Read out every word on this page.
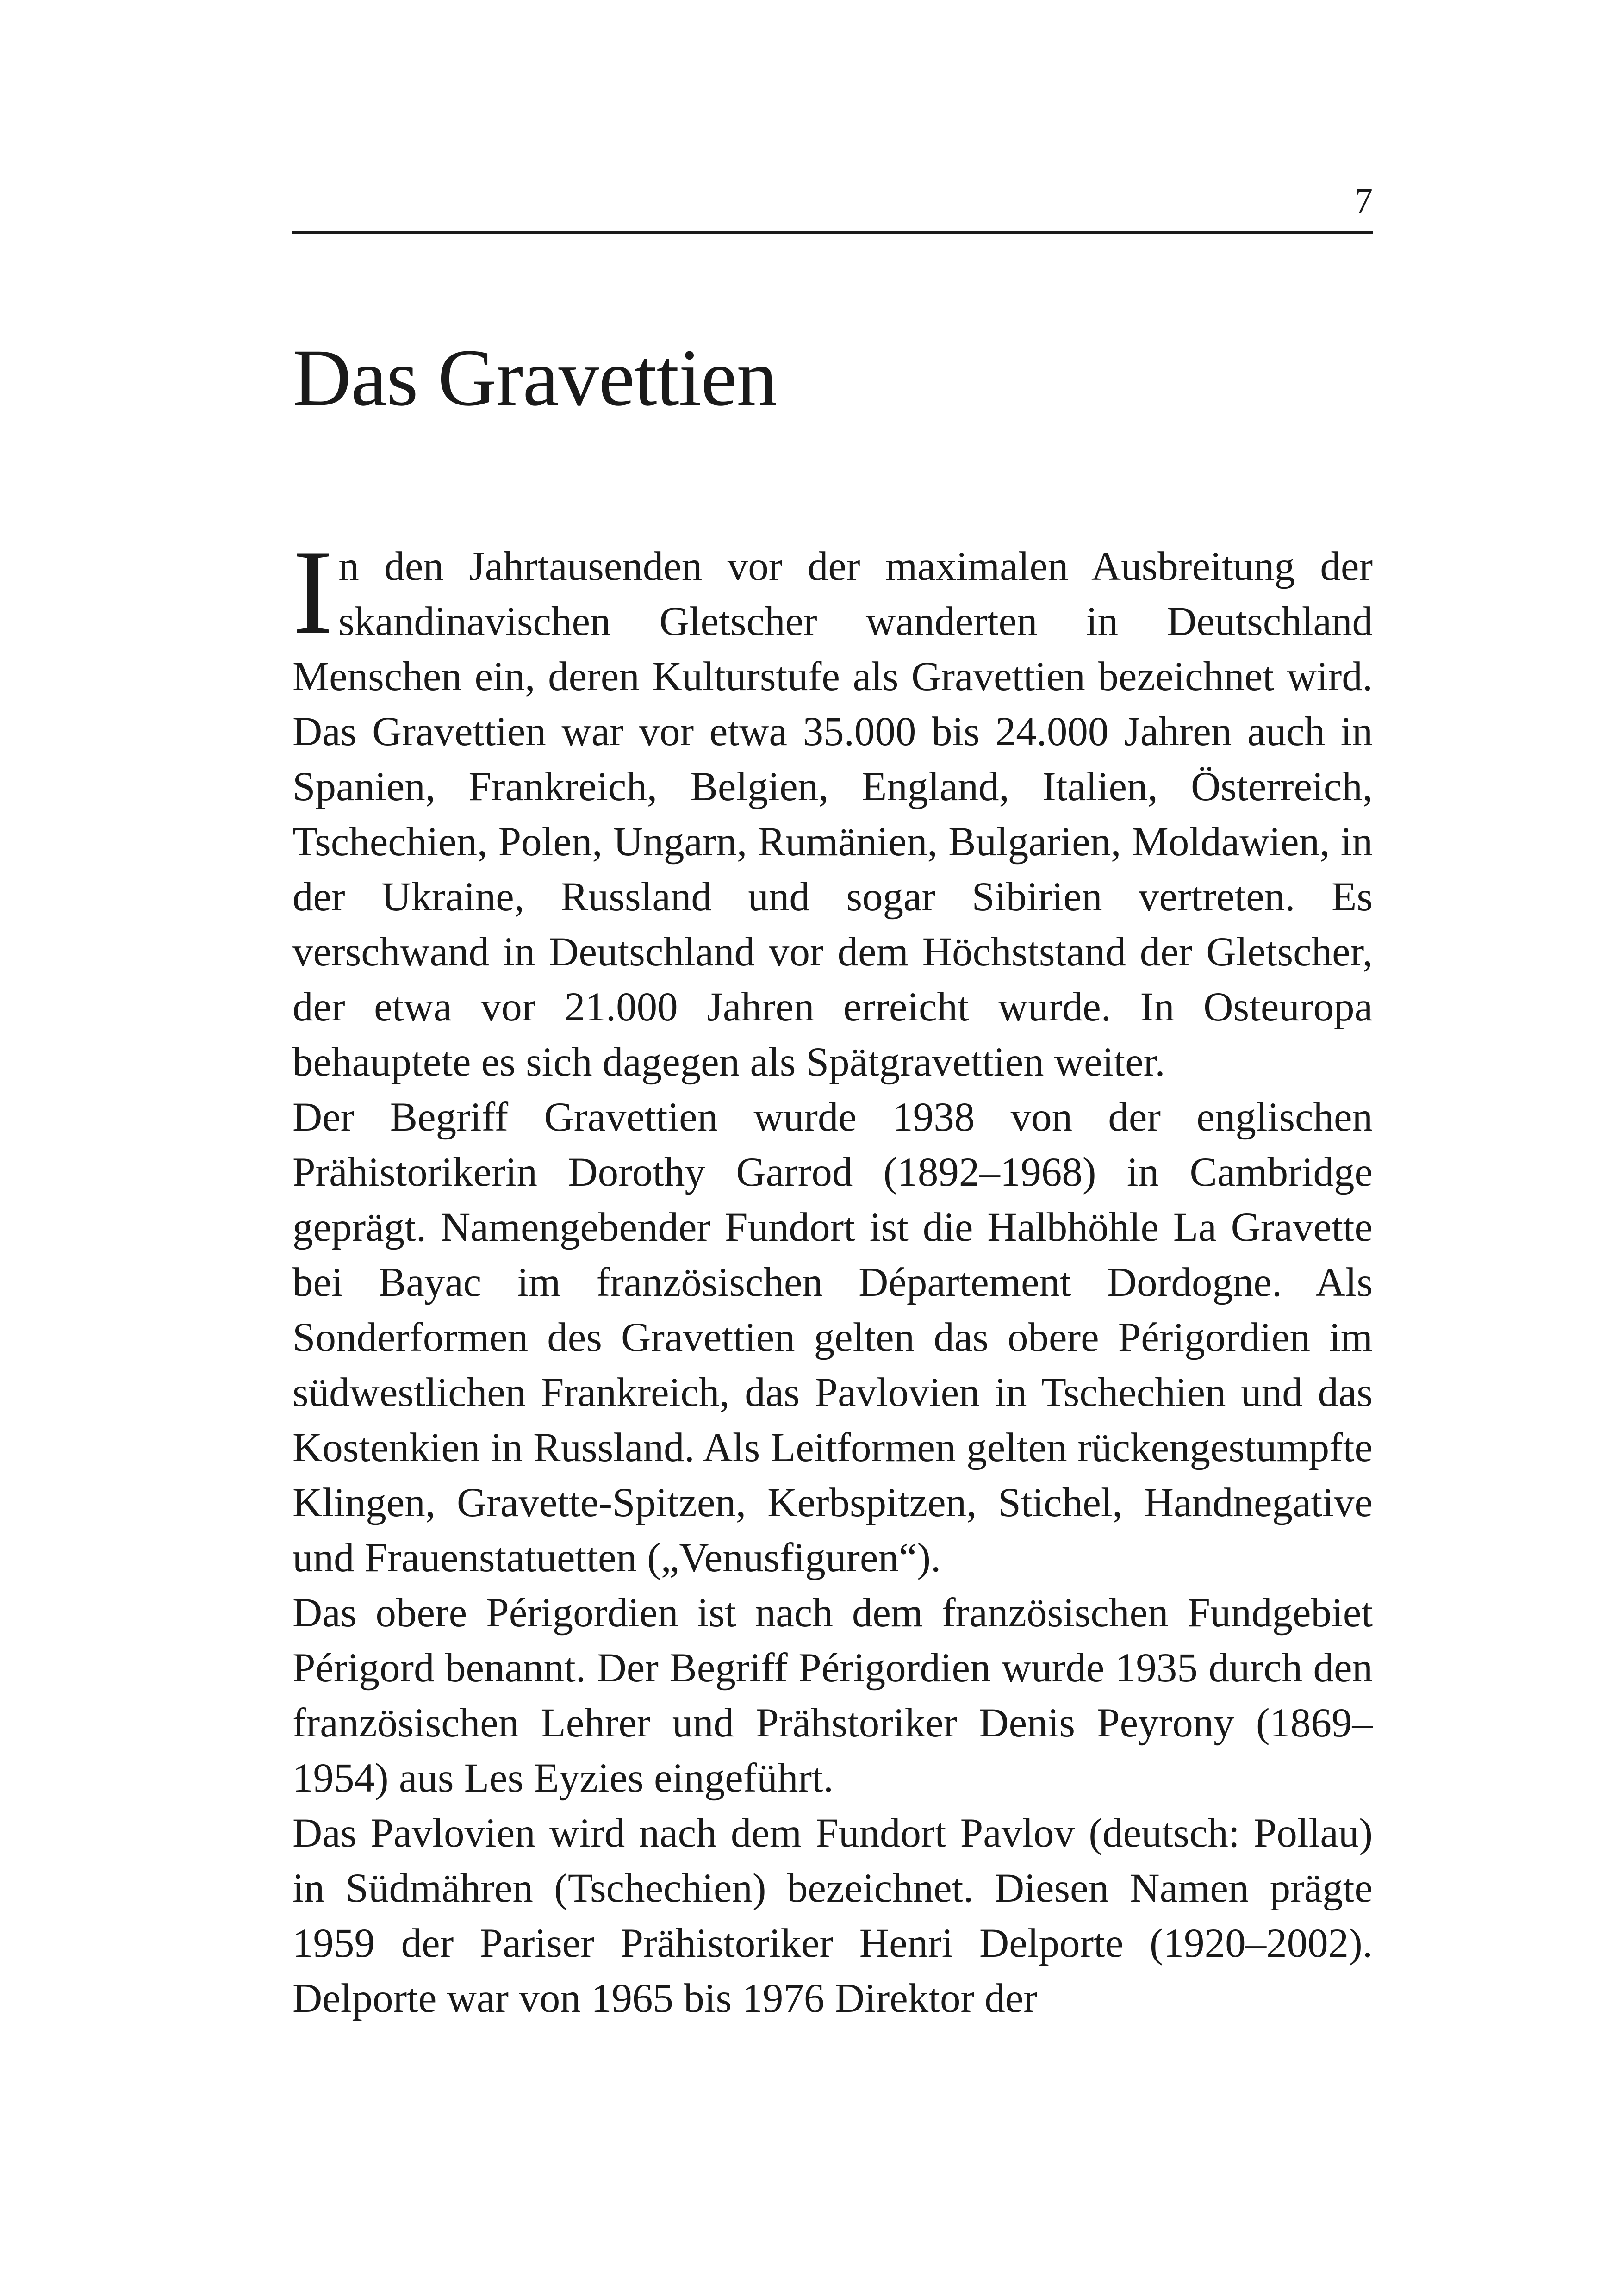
7
Das Gravettien

In den Jahrtausenden vor der maximalen Ausbreitung der skandinavischen Gletscher wanderten in Deutschland Menschen ein, deren Kulturstufe als Gravettien bezeichnet wird. Das Gravettien war vor etwa 35.000 bis 24.000 Jahren auch in Spanien, Frankreich, Belgien, England, Italien, Österreich, Tschechien, Polen, Ungarn, Rumänien, Bulgarien, Moldawien, in der Ukraine, Russland und sogar Sibirien vertreten. Es verschwand in Deutschland vor dem Höchststand der Gletscher, der etwa vor 21.000 Jahren erreicht wurde. In Osteuropa behauptete es sich dagegen als Spätgravettien weiter.

Der Begriff Gravettien wurde 1938 von der englischen Prähistorikerin Dorothy Garrod (1892–1968) in Cambridge geprägt. Namengebender Fundort ist die Halbhöhle La Gravette bei Bayac im französischen Département Dordogne. Als Sonderformen des Gravettien gelten das obere Périgordien im südwestlichen Frankreich, das Pavlovien in Tschechien und das Kostenkien in Russland. Als Leitformen gelten rückengestumpfte Klingen, Gravette-Spitzen, Kerbspitzen, Stichel, Handnegative und Frauenstatuetten („Venusfiguren“).

Das obere Périgordien ist nach dem französischen Fundgebiet Périgord benannt. Der Begriff Périgordien wurde 1935 durch den französischen Lehrer und Prähstoriker Denis Peyrony (1869–1954) aus Les Eyzies eingeführt.

Das Pavlovien wird nach dem Fundort Pavlov (deutsch: Pollau) in Südmähren (Tschechien) bezeichnet. Diesen Namen prägte 1959 der Pariser Prähistoriker Henri Delporte (1920–2002). Delporte war von 1965 bis 1976 Direktor der
